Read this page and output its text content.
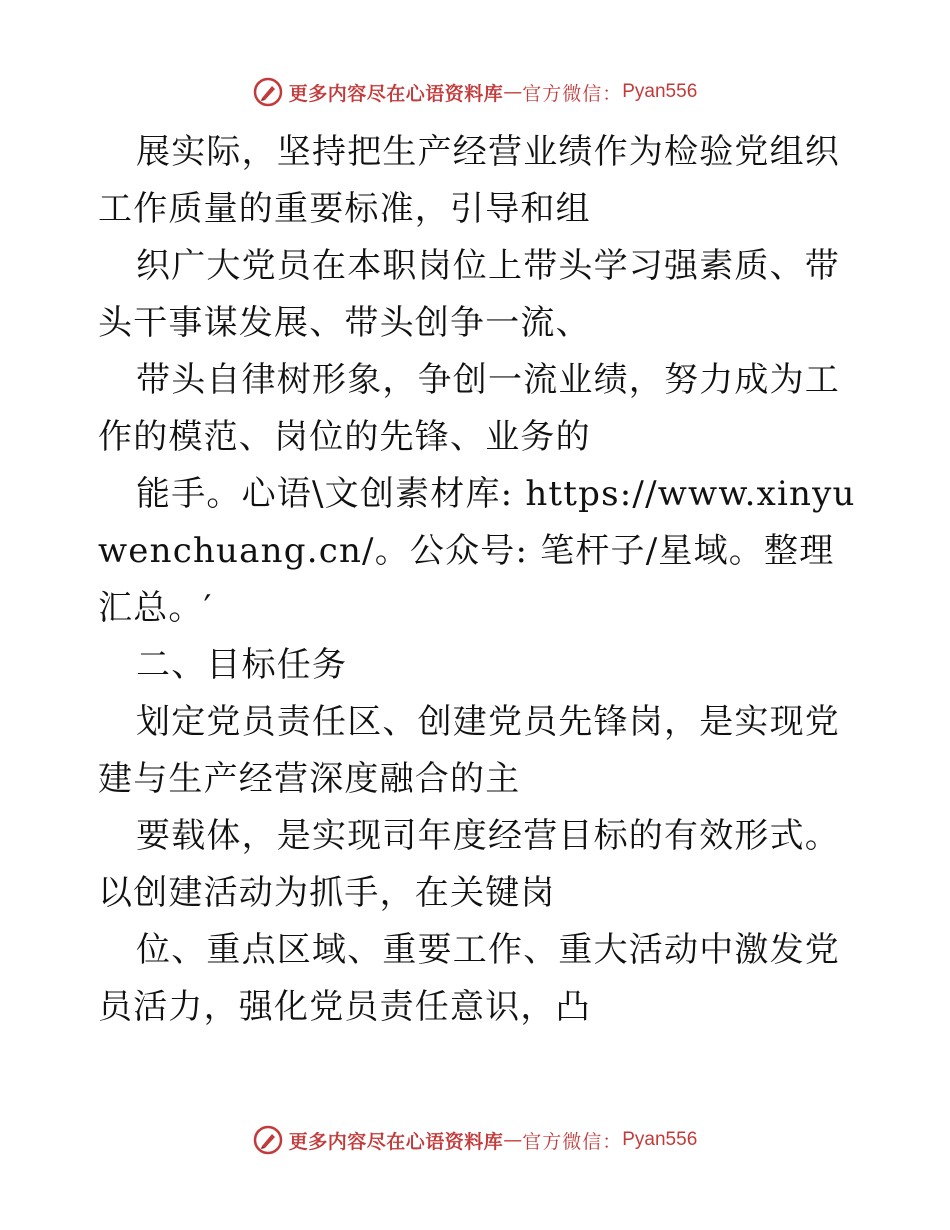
更多内容尽在心语资料库 — 官方微信： Pyan556

展实际，坚持把生产经营业绩作为检验党组织工作质量的重要标准，引导和组

织广大党员在本职岗位上带头学习强素质、带头干事谋发展、带头创争一流、

带头自律树形象，争创一流业绩，努力成为工作的模范、岗位的先锋、业务的

能手。心语\文创素材库: https://www.xinyuwenchuang.cn/。公众号: 笔杆子/星域。整理汇总。′

二、目标任务

划定党员责任区、创建党员先锋岗，是实现党建与生产经营深度融合的主

要载体，是实现司年度经营目标的有效形式。以创建活动为抓手，在关键岗

位、重点区域、重要工作、重大活动中激发党员活力，强化党员责任意识，凸

更多内容尽在心语资料库 — 官方微信： Pyan556
